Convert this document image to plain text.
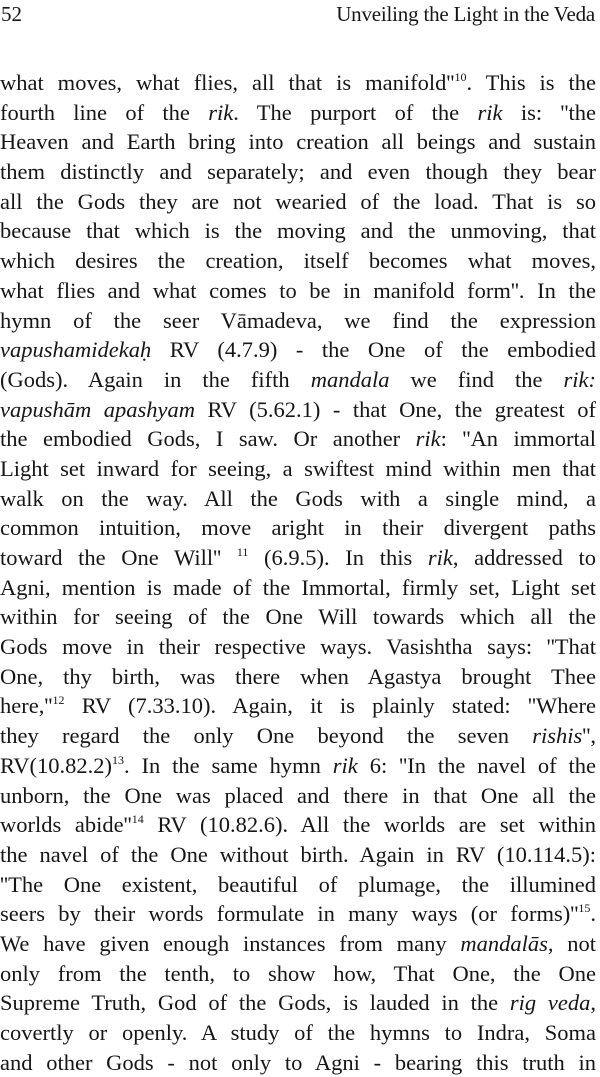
52	Unveiling the Light in the Veda
what moves, what flies, all that is $manifold''^{10}$. This is the
fourth line of the rik. The purport of the rik is: ''the
Heaven and Earth bring into creation all beings and sustain
them distinctly and separately; and even though they bear
all the Gods they are not wearied of the load. That is so
because that which is the moving and the unmoving, that
which desires the creation, itself becomes what moves,
what flies and what comes to be in manifold form''. In the
hymn of the seer Vāmadeva, we find the expression
vapushamidekaḥ RV (4.7.9) - the One of the embodied
(Gods). Again in the fifth mandala we find the rik:
vapushām apashyam RV (5.62.1) - that One, the greatest of
the embodied Gods, I saw. Or another rik: ''An immortal
Light set inward for seeing, a swiftest mind within men that
walk on the way. All the Gods with a single mind, a
common intuition, move aright in their divergent paths
toward the One Will'' $^{11}$ (6.9.5). In this rik, addressed to
Agni, mention is made of the Immortal, firmly set, Light set
within for seeing of the One Will towards which all the
Gods move in their respective ways. Vasishtha says: ''That
One, thy birth, was there when Agastya brought Thee
$here,''^{12}$ RV (7.33.10). Again, it is plainly stated: ''Where
they regard the only One beyond the seven rishis'',
$RV(10.82.2)^{13}$. In the same hymn rik 6: ''In the navel of the
unborn, the One was placed and there in that One all the
worlds $abide''^{14}$ RV (10.82.6). All the worlds are set within
the navel of the One without birth. Again in RV (10.114.5):
''The One existent, beautiful of plumage, the illumined
seers by their words formulate in many ways (or $forms)''^{15}$.
We have given enough instances from many mandalās, not
only from the tenth, to show how, That One, the One
Supreme Truth, God of the Gods, is lauded in the rig veda,
covertly or openly. A study of the hymns to Indra, Soma
and other Gods - not only to Agni - bearing this truth in
